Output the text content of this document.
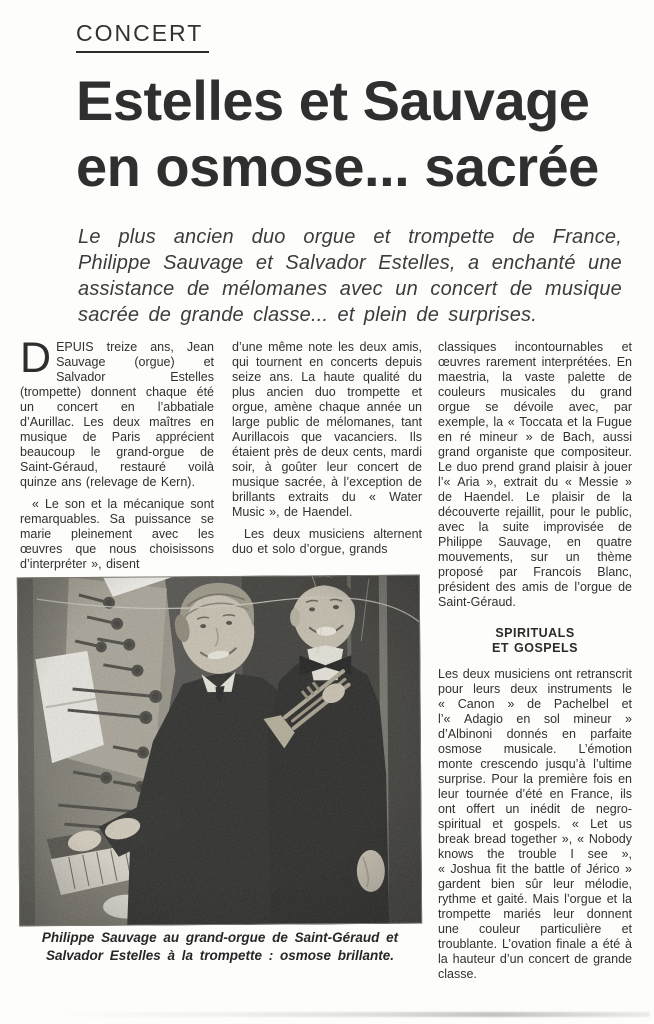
CONCERT
Estelles et Sauvage
en osmose... sacrée
Le plus ancien duo orgue et trompette de France, Philippe Sauvage et Salvador Estelles, a enchanté une assistance de mélomanes avec un concert de musique sacrée de grande classe... et plein de surprises.

DEPUIS treize ans, Jean Sauvage (orgue) et Salvador Estelles (trompette) donnent chaque été un concert en l’abbatiale d’Aurillac. Les deux maîtres en musique de Paris apprécient beaucoup le grand-orgue de Saint-Géraud, restauré voilà quinze ans (relevage de Kern).

« Le son et la mécanique sont remarquables. Sa puissance se marie pleinement avec les œuvres que nous choisissons d’interpréter », disent

d’une même note les deux amis, qui tournent en concerts depuis seize ans. La haute qualité du plus ancien duo trompette et orgue, amène chaque année un large public de mélomanes, tant Aurillacois que vacanciers. Ils étaient près de deux cents, mardi soir, à goûter leur concert de musique sacrée, à l’exception de brillants extraits du « Water Music », de Haendel.

Les deux musiciens alternent duo et solo d’orgue, grands

classiques incontournables et œuvres rarement interprétées. En maestria, la vaste palette de couleurs musicales du grand orgue se dévoile avec, par exemple, la « Toccata et la Fugue en ré mineur » de Bach, aussi grand organiste que compositeur. Le duo prend grand plaisir à jouer l’« Aria », extrait du « Messie » de Haendel. Le plaisir de la découverte rejaillit, pour le public, avec la suite improvisée de Philippe Sauvage, en quatre mouvements, sur un thème proposé par Francois Blanc, président des amis de l’orgue de Saint-Géraud.

SPIRITUALS
ET GOSPELS

Les deux musiciens ont retranscrit pour leurs deux instruments le « Canon » de Pachelbel et l’« Adagio en sol mineur » d’Albinoni donnés en parfaite osmose musicale. L’émotion monte crescendo jusqu’à l’ultime surprise. Pour la première fois en leur tournée d’été en France, ils ont offert un inédit de negro-spiritual et gospels. « Let us break bread together », « Nobody knows the trouble I see », « Joshua fit the battle of Jérico » gardent bien sûr leur mélodie, rythme et gaité. Mais l’orgue et la trompette mariés leur donnent une couleur particulière et troublante. L’ovation finale a été à la hauteur d’un concert de grande classe.

Philippe Sauvage au grand-orgue de Saint-Géraud et Salvador Estelles à la trompette : osmose brillante.
